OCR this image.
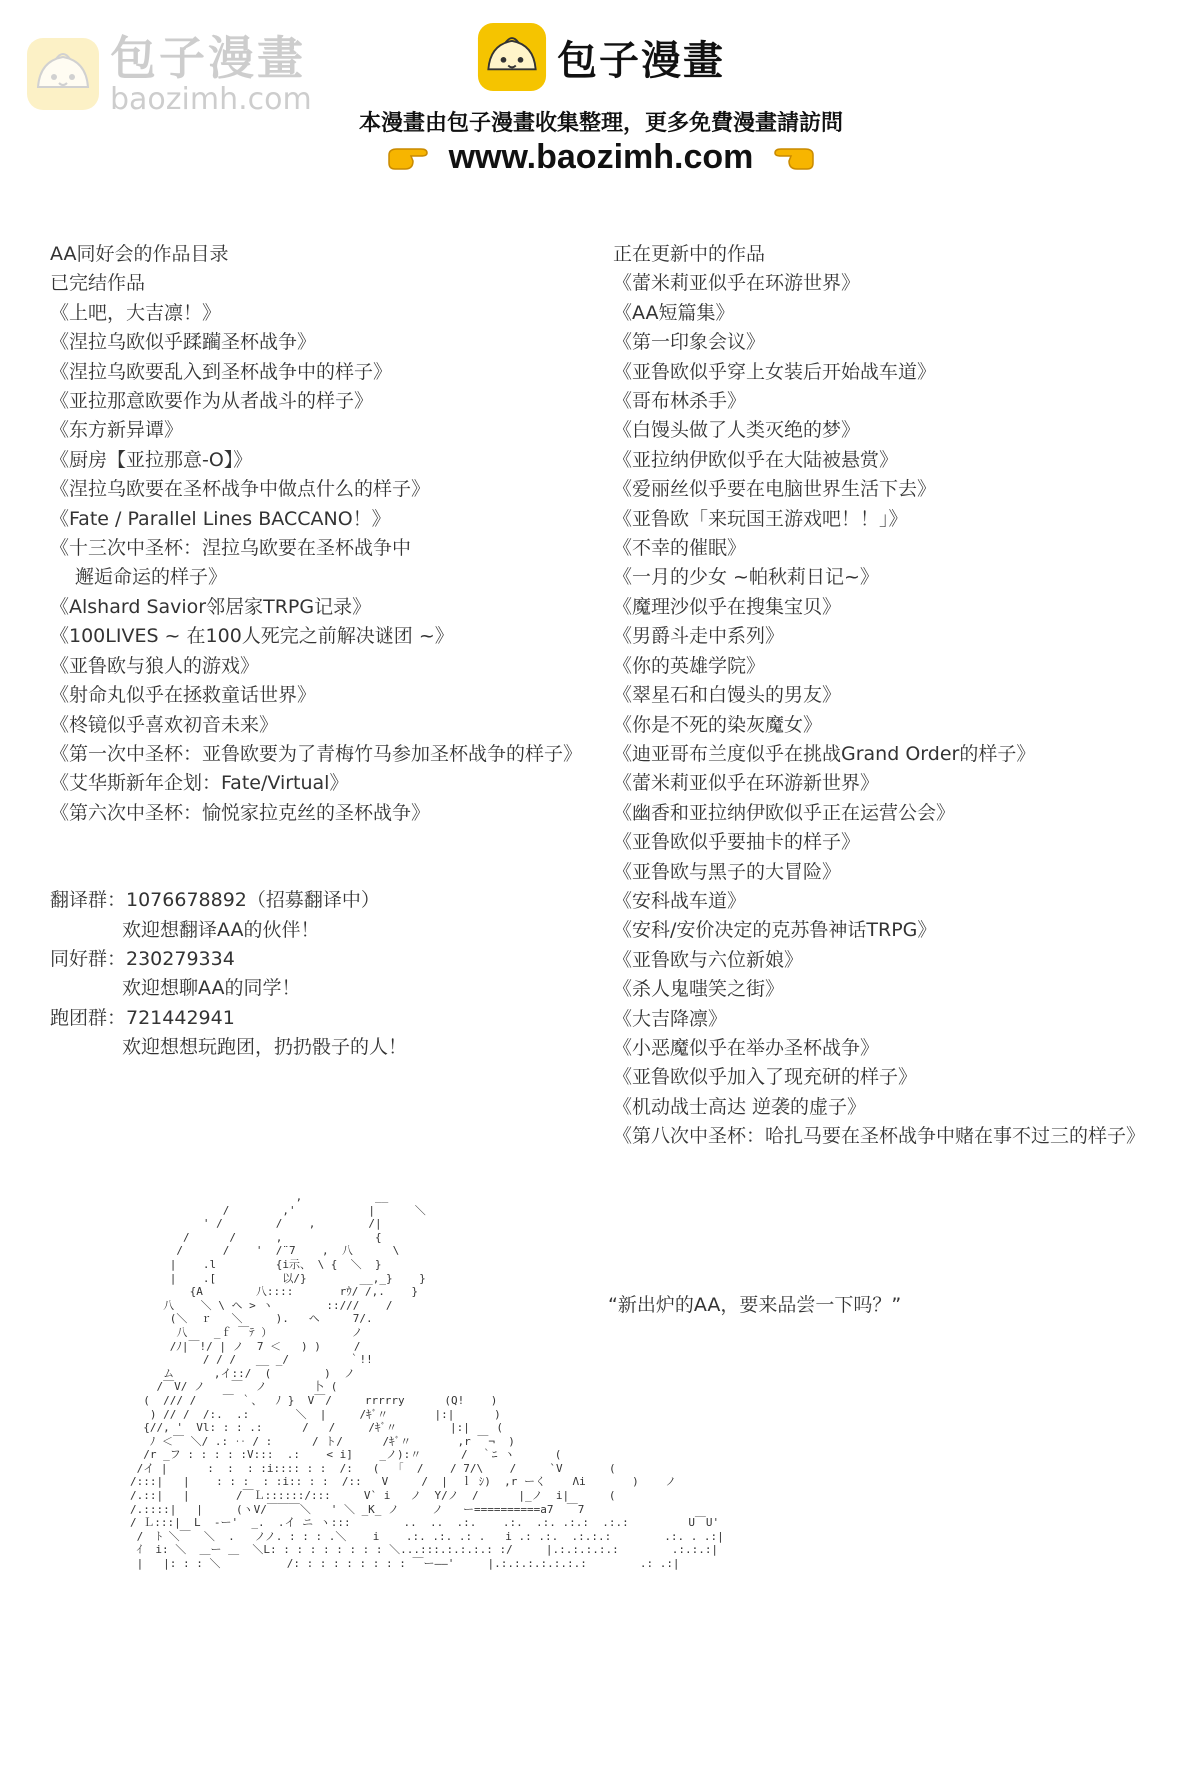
包子漫畫
baozimh.com
包子漫畫
本漫畫由包子漫畫收集整理，更多免費漫畫請訪問
www.baozimh.com
AA同好会的作品目录
已完结作品
《上吧，大吉凛！》
《涅拉乌欧似乎蹂躏圣杯战争》
《涅拉乌欧要乱入到圣杯战争中的样子》
《亚拉那意欧要作为从者战斗的样子》
《东方新异谭》
《厨房【亚拉那意-O】》
《涅拉乌欧要在圣杯战争中做点什么的样子》
《Fate / Parallel Lines BACCANO！》
《十三次中圣杯：涅拉乌欧要在圣杯战争中
邂逅命运的样子》
《Alshard Savior邻居家TRPG记录》
《100LIVES ~ 在100人死完之前解决谜团 ~》
《亚鲁欧与狼人的游戏》
《射命丸似乎在拯救童话世界》
《柊镜似乎喜欢初音未来》
《第一次中圣杯：亚鲁欧要为了青梅竹马参加圣杯战争的样子》
《艾华斯新年企划：Fate/Virtual》
《第六次中圣杯：愉悦家拉克丝的圣杯战争》
翻译群：1076678892（招募翻译中）
欢迎想翻译AA的伙伴！
同好群：230279334
欢迎想聊AA的同学！
跑团群：721442941
欢迎想想玩跑团，扔扔骰子的人！
正在更新中的作品
《蕾米莉亚似乎在环游世界》
《AA短篇集》
《第一印象会议》
《亚鲁欧似乎穿上女装后开始战车道》
《哥布林杀手》
《白馒头做了人类灭绝的梦》
《亚拉纳伊欧似乎在大陆被悬赏》
《爱丽丝似乎要在电脑世界生活下去》
《亚鲁欧「来玩国王游戏吧！！」》
《不幸的催眠》
《一月的少女 ~帕秋莉日记~》
《魔理沙似乎在搜集宝贝》
《男爵斗走中系列》
《你的英雄学院》
《翠星石和白馒头的男友》
《你是不死的染灰魔女》
《迪亚哥布兰度似乎在挑战Grand Order的样子》
《蕾米莉亚似乎在环游新世界》
《幽香和亚拉纳伊欧似乎正在运营公会》
《亚鲁欧似乎要抽卡的样子》
《亚鲁欧与黑子的大冒险》
《安科战车道》
《安科/安价决定的克苏鲁神话TRPG》
《亚鲁欧与六位新娘》
《杀人鬼嗤笑之街》
《大吉降凛》
《小恶魔似乎在举办圣杯战争》
《亚鲁欧似乎加入了现充研的样子》
《机动战士高达 逆袭的虚子》
《第八次中圣杯：哈扎马要在圣杯战争中赌在事不过三的样子》
,           __
/        ,'           |      ＼
' /        /    ,        /|
/      /      ,              {
/      /    '  /¨7    ,  八      \
|    .l         {i示、 \ {  ＼  }
|    .[          以/}        __,_}    }
{A        八::::       rｳ/ /,.    }
八    ＼ \ ヘ > ヽ        ::///    /
(＼  ｒ   ＼     ).   ヘ     7/.
八    _ｆ ￣ﾃ ）            ノ
/ﾉ|￣!/ | ノ  7 ＜   ) )     /
/ / /   __ _/         ｀!!
ム      ,イ::/  (        )  ノ
/￣V/ ノ    ￣  ノ       卜 (
(  /// /    ￣ ｀、  ﾉ }  V￣/     rrrrry      (Q!    )
) // /  /:.  .:       ＼  |     /ｷﾞ〃       |:|      )
{//, '  Vl: : : .:      /   /     /ｷﾞ〃        |:|    (
ﾉ ＜￣ ＼/ .: ‥ / :      / ト/      /ｷﾞ〃       ,r ￣¬  )
/r _フ : : : : :V:::  .:    < i]    _ノ):〃      /  ｀ﾆ ヽ      (
/イ |      :  :  : :i:::: : :  /:   (  「  /    / 7/\    /     `V       (
/:::|   |    : : :  : :i:: : :  /::   V     /  |  ｌ ｼ)  ,r ーく    Λi       )    ノ
/.::|   |       /￣Ｌ::::::/:::     V` i   ノ  Y/ノ  /      |_ノ  i|      (
/.::::|   |     (ヽV/￣￣￣＼   ' ＼ _K_ ノ     ノ   ー==========a7  ￣7
/ Ｌ:::|  L  -ー'  _.  .イ ニ ヽ:::        ..  ..  .:.    .:.  .:. .:.:  .:.:         U￣U'
/  ﾄ ＼￣  ＼  .   ノノ. : : : .＼    i    .:. .:. .: .   i .: .:.  .:.:.:        .:. . .:|
ｲ  i: ＼  ＿ー ＿  ＼L: : : : : : : : : ＼...:::.:.:.:.: :/     |.:.:.:.:.:        .:.:.:|
|   |: : : ＼          /: : : : : : : : : ￣ー――'     |.:.:.:.:.:.:.:        .: .:|
“新出炉的AA，要来品尝一下吗？”
